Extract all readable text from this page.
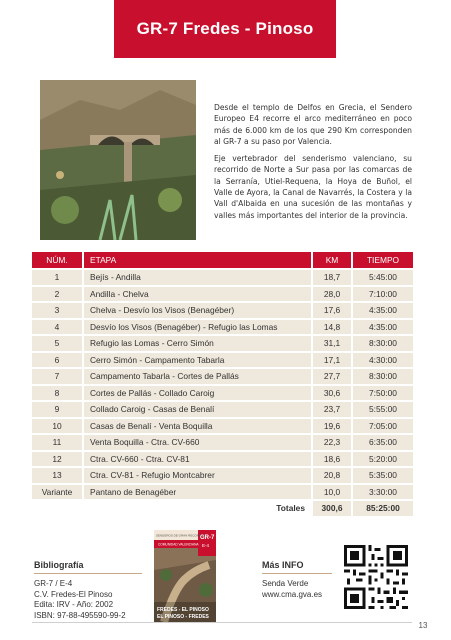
GR-7 Fredes - Pinoso

Desde el templo de Delfos en Grecia, el Sendero Europeo E4 recorre el arco mediterráneo en poco más de 6.000 km de los que 290 Km corresponden al GR-7 a su paso por Valencia.

Eje vertebrador del senderismo valenciano, su recorrido de Norte a Sur pasa por las comarcas de la Serranía, Utiel-Requena, la Hoya de Buñol, el Valle de Ayora, la Canal de Navarrés, la Costera y la Vall d'Albaida en una sucesión de las montañas y valles más importantes del interior de la provincia.

NÚM.	ETAPA	KM	TIEMPO
1	Bejís - Andilla	18,7	5:45:00
2	Andilla - Chelva	28,0	7:10:00
3	Chelva - Desvío los Visos (Benagéber)	17,6	4:35:00
4	Desvío los Visos (Benagéber) - Refugio las Lomas	14,8	4:35:00
5	Refugio las Lomas - Cerro Simón	31,1	8:30:00
6	Cerro Simón - Campamento Tabarla	17,1	4:30:00
7	Campamento Tabarla - Cortes de Pallás	27,7	8:30:00
8	Cortes de Pallás - Collado Caroig	30,6	7:50:00
9	Collado Caroig - Casas de Benalí	23,7	5:55:00
10	Casas de Benalí - Venta Boquilla	19,6	7:05:00
11	Venta Boquilla - Ctra. CV-660	22,3	6:35:00
12	Ctra. CV-660 - Ctra. CV-81	18,6	5:20:00
13	Ctra. CV-81 - Refugio Montcabrer	20,8	5:35:00
Variante	Pantano de Benagéber	10,0	3:30:00
Totales		300,6	85:25:00
Bibliografía
GR-7 / E-4
C.V. Fredes-El Pinoso
Edita: IRV - Año: 2002
ISBN: 97-88-495590-99-2
SENDEROS DE GRAN RECORRIDO
COMUNIDAD VALENCIANA
GR-7
E-4
FREDES - EL PINOSO
EL PINOSO - FREDES
Más INFO
Senda Verde
www.cma.gva.es
13
